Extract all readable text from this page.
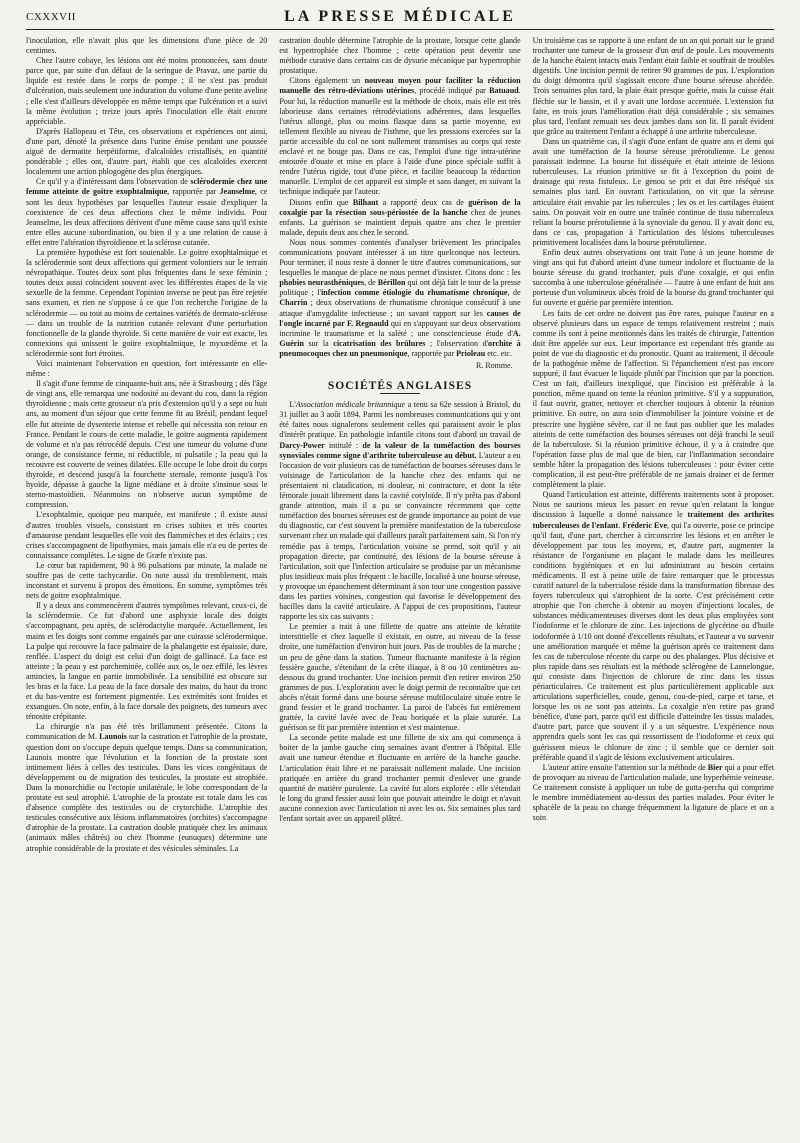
CXXXVII	LA PRESSE MÉDICALE

l'inoculation, elle n'avait plus que les dimensions d'une pièce de 20 centimes.

Chez l'autre cobaye, les lésions ont été moins prononcées, sans doute parce que, par suite d'un défaut de la seringue de Pravaz, une partie du liquide est restée dans le corps de pompe ; il ne s'est pas produit d'ulcération, mais seulement une induration du volume d'une petite aveline ; elle s'est d'ailleurs développée en même temps que l'ulcération et a suivi la même évolution ; treize jours après l'inoculation elle était encore appréciable.

D'après Hallopeau et Tête, ces observations et expériences ont ainsi, d'une part, dénoté la présence dans l'urine émise pendant une poussée aiguë de dermatite herpétiforme, d'alcaloïdes cristallisés, en quantité pondérable ; elles ont, d'autre part, établi que ces alcaloïdes exercent localement une action phlogogène des plus énergiques.

Ce qu'il y a d'intéressant dans l'observation de sclérodermie chez une femme atteinte de goitre exophtalmique, rapportée par Jeanselme, ce sont les deux hypothèses par lesquelles l'auteur essaie d'expliquer la coexistence de ces deux affections chez le même individu. Pour Jeanselme, les deux affections dérivent d'une même cause sans qu'il existe entre elles aucune subordination, ou bien il y a une relation de cause à effet entre l'altération thyroïdienne et la sclérose cutanée.

La première hypothèse est fort soutenable. Le goitre exophtalmique et la sclérodermie sont deux affections qui germent volontiers sur le terrain névropathique. Toutes deux sont plus fréquentes dans le sexe féminin ; toutes deux aussi coïncident souvent avec les différentes étapes de la vie sexuelle de la femme. Cependant l'opinion inverse ne peut pas être rejetée sans examen, et rien ne s'oppose à ce que l'on recherche l'origine de la sclérodermie — ou tout au moins de certaines variétés de dermato-sclérose — dans un trouble de la nutrition cutanée relevant d'une perturbation fonctionnelle de la glande thyroïde. Si cette manière de voir est exacte, les connexions qui unissent le goitre exophtalmique, le myxœdème et la sclérodermie sont fort étroites.

Voici maintenant l'observation en question, fort intéressante en elle-même :

Il s'agit d'une femme de cinquante-huit ans, née à Strasbourg ; dès l'âge de vingt ans, elle remarqua une nodosité au devant du cou, dans la région thyroïdienne ; mais cette grosseur n'a pris d'extension qu'il y a sept ou huit ans, au moment d'un séjour que cette femme fit au Brésil, pendant lequel elle fut atteinte de dysenterie intense et rebelle qui nécessita son retour en France. Pendant le cours de cette maladie, le goitre augmenta rapidement de volume et n'a pas rétrocédé depuis. C'est une tumeur du volume d'une orange, de consistance ferme, ni réductible, ni pulsatile ; la peau qui la recouvre est couverte de veines dilatées. Elle occupe le lobe droit du corps thyroïde, et descend jusqu'à la fourchette sternale, remonte jusqu'à l'os hyoïde, dépasse à gauche la ligne médiane et à droite s'insinue sous le sterno-mastoïdien. Néanmoins on n'observe aucun symptôme de compression.

L'exophtalmie, quoique peu marquée, est manifeste ; il existe aussi d'autres troubles visuels, consistant en crises subites et très courtes d'amaurose pendant lesquelles elle voit des flammèches et des éclairs ; ces crises s'accompagnent de lipothymies, mais jamais elle n'a eu de pertes de connaissance complètes. Le signe de Græfe n'existe pas.

Le cœur bat rapidement, 90 à 96 pulsations par minute, la malade ne souffre pas de cette tachycardie. On note aussi du tremblement, mais inconstant et survenu à propos des émotions. En somme, symptômes très nets de goitre exophtalmique.

Il y a deux ans commencèrent d'autres symptômes relevant, ceux-ci, de la sclérodermie. Ce fut d'abord une asphyxie locale des doigts s'accompagnant, peu après, de sclérodactylie marquée. Actuellement, les mains et les doigts sont comme engainés par une cuirasse sclérodermique. La pulpe qui recouvre la face palmaire de la phalangette est épaissie, dure, renflée. L'aspect du doigt est celui d'un doigt de gallinacé. La face est atteinte ; la peau y est parcheminée, collée aux os, le nez effilé, les lèvres amincies, la langue en partie immobilisée. La sensibilité est obscure sur les bras et la face. La peau de la face dorsale des mains, du haut du tronc et du bas-ventre est fortement pigmentée. Les extrémités sont froides et exsangues. On note, enfin, à la face dorsale des poignets, des tumeurs avec ténosite crépitante.

La chirurgie n'a pas été très brillamment présentée. Citons la communication de M. Launois sur la castration et l'atrophie de la prostate, question dont on s'occupe depuis quelque temps. Dans sa communication, Launois montre que l'évolution et la fonction de la prostate sont intimement liées à celles des testicules. Dans les vices congénitaux de développement ou de migration des testicules, la prostate est atrophiée. Dans la monorchidie ou l'ectopie unilatérale, le lobe correspondant de la prostate est seul atrophié. L'atrophie de la prostate est totale dans les cas d'absence complète des testicules ou de crytorchidie. L'atrophie des testicules consécutive aux lésions inflammatoires (orchites) s'accompagne d'atrophie de la prostate. La castration double pratiquée chez les animaux (animaux mâles châtrés) ou chez l'homme (eunuques) détermine une atrophie considérable de la prostate et des vésicules séminales. La

castration double détermine l'atrophie de la prostate, lorsque cette glande est hypertrophiée chez l'homme ; cette opération peut devenir une méthode curative dans certains cas de dysurie mécanique par hypertrophie prostatique.

Citons également un nouveau moyen pour faciliter la réduction manuelle des rétro-déviations utérines, procédé indiqué par Batuaud. Pour lui, la réduction manuelle est la méthode de choix, mais elle est très laborieuse dans certaines rétrodéviations adhérentes, dans lesquelles l'utérus allongé, plus ou moins flasque dans sa partie moyenne, est tellement flexible au niveau de l'isthme, que les pressions exercées sur la partie accessible du col ne sont nullement transmises au corps qui reste enclavé et ne bouge pas. Dans ce cas, l'emploi d'une tige intra-utérine entourée d'ouate et mise en place à l'aide d'une pince spéciale suffit à rendre l'utérus rigide, tout d'une pièce, et facilite beaucoup la réduction manuelle. L'emploi de cet appareil est simple et sans danger, en suivant la technique indiquée par l'auteur.

Disons enfin que Bilhaut a rapporté deux cas de guérison de la coxalgie par la résection sous-périostée de la hanche chez de jeunes enfants. La guérison se maintient depuis quatre ans chez le premier malade, depuis deux ans chez le second.

Nous nous sommes contentés d'analyser brièvement les principales communications pouvant intéresser à un titre quelconque nos lecteurs. Pour terminer, il nous reste à donner le titre d'autres communications, sur lesquelles le manque de place ne nous permet d'insister. Citons donc : les phobies neurasthéniques, de Bérillon qui ont déjà fait le tour de la presse politique ; l'infection comme étiologie du rhumatisme chronique, de Charrin ; deux observations de rhumatisme chronique consécutif à une attaque d'amygdalite infectieuse ; un savant rapport sur les causes de l'ongle incarné par F. Regnauld qui en s'appuyant sur deux observations incrimine le traumatisme et la salété ; une consciencieuse étude d'A. Guérin sur la cicatrisation des brûlures ; l'observation d'orchite à pneumocoques chez un pneumonique, rapportée par Prioleau etc. etc.

R. Romme.
SOCIÉTÉS ANGLAISES

L'Association médicale britannique a tenu sa 62e session à Bristol, du 31 juillet au 3 août 1894. Parmi les nombreuses communications qui y ont été faites nous signalerons seulement celles qui paraissent avoir le plus d'intérêt pratique. En pathologie infantile citons tout d'abord un travail de Darcy-Power intitulé : de la valeur de la tuméfaction des bourses synoviales comme signe d'arthrite tuberculeuse au début. L'auteur a eu l'occasion de voir plusieurs cas de tuméfaction de bourses séreuses dans le voisinage de l'articulation de la hanche chez des enfants qui ne présentaient ni claudication, ni douleur, ni contracture, et dont la tête fémorale jouait librement dans la cavité cotyloïde. Il n'y prêta pas d'abord grande attention, mais il a pu se convaincre récemment que cette tuméfaction des bourses séreuses est de grande importance au point de vue du diagnostic, car c'est souvent la première manifestation de la tuberculose survenant chez un malade qui d'ailleurs paraît parfaitement sain. Si l'on n'y remédie pas à temps, l'articulation voisine se prend, soit qu'il y ait propagation directe, par continuité, des lésions de la bourse séreuse à l'articulation, soit que l'infection articulaire se produise par un mécanisme plus insidieux mais plus fréquent : le bacille, localisé à une bourse séreuse, y provoque un épanchement déterminant à son tour une congestion passive dans les parties voisines, congestion qui favorise le développement des bacilles dans la cavité articulaire. A l'appui de ces propositions, l'auteur rapporte les six cas suivants :

Le premier a trait à une fillette de quatre ans atteinte de kératite interstitielle et chez laquelle il existait, en outre, au niveau de la fesse droite, une tuméfaction d'environ huit jours. Pas de troubles de la marche ; un peu de gêne dans la station. Tumeur fluctuante manifeste à la région fessière gauche, s'étendant de la crête iliaque, à 8 ou 10 centimètres au-dessous du grand trochanter. Une incision permit d'en retirer environ 250 grammes de pus. L'exploration avec le doigt permit de reconnaître que cet abcès n'était formé dans une bourse séreuse multiloculaire située entre le grand fessier et le grand trochanter. La paroi de l'abcès fut entièrement grattée, la cavité lavée avec de l'eau boriquée et la plaie suturée. La guérison se fit par première intention et s'est maintenue.

La seconde petite malade est une fillette de six ans qui commença à boiter de la jambe gauche cinq semaines avant d'entrer à l'hôpital. Elle avait une tumeur étendue et fluctuante en arrière de la hanche gauche. L'articulation était libre et ne paraissait nullement malade. Une incision pratiquée en arrière du grand trochanter permit d'enlever une grande quantité de matière purulente. La cavité fut alors explorée : elle s'étendait le long du grand fessier aussi loin que pouvait atteindre le doigt et n'avait aucune connexion avec l'articulation ni avec les os. Six semaines plus tard l'enfant sortait avec un appareil plâtré.

Un troisième cas se rapporte à une enfant de un an qui portait sur le grand trochanter une tumeur de la grosseur d'un œuf de poule. Les mouvements de la hanche étaient intacts mais l'enfant était faible et souffrait de troubles digestifs. Une incision permit de retirer 90 grammes de pus. L'exploration du doigt démontra qu'il s'agissait encore d'une bourse séreuse abcédée. Trois semaines plus tard, la plaie était presque guérie, mais la cuisse était fléchie sur le bassin, et il y avait une lordose accentuée. L'extension fut faite, en trois jours l'amélioration était déjà considérable ; six semaines plus tard, l'enfant remuait ses deux jambes dans son lit. Il paraît évident que grâce au traitement l'enfant a échappé à une arthrite tuberculeuse.

Dans un quatrième cas, il s'agit d'une enfant de quatre ans et demi qui avait une tuméfaction de la bourse séreuse prérotulienne. Le genou paraissait indemne. La bourse fut disséquée et était atteinte de lésions tuberculeuses. La réunion primitive se fit à l'exception du point de drainage qui resta fistuleux. Le genou se prit et dut être réséqué six semaines plus tard. En ouvrant l'articulation, on vit que la séreuse articulaire était envahie par les tubercules ; les os et les cartilages étaient sains. On pouvait voir en outre une traînée continue de tissu tuberculeux reliant la bourse prérotulienne à la synoviale du genou. Il y avait donc eu, dans ce cas, propagation à l'articulation des lésions tuberculeuses primitivement localisées dans la bourse prérotulienne.

Enfin deux autres observations ont trait l'une à un jeune homme de vingt ans qui fut d'abord atteint d'une tumeur indolore et fluctuante de la bourse séreuse du grand trochanter, puis d'une coxalgie, et qui enfin succomba à une tuberculose généralisée — l'autre à une enfant de huit ans porteuse d'un volumineux abcès froid de la bourse du grand trochanter qui fut ouverte et guérie par première intention.

Les faits de cet ordre ne doivent pas être rares, puisque l'auteur en a observé plusieurs dans un espace de temps relativement restreint ; mais comme ils sont à peine mentionnés dans les traités de chirurgie, l'attention doit être appelée sur eux. Leur importance est cependant très grande au point de vue du diagnostic et du pronostic. Quant au traitement, il découle de la pathogénie même de l'affection. Si l'épanchement n'est pas encore suppuré, il faut évacuer le liquide plutôt par l'incision que par la ponction. C'est un fait, d'ailleurs inexpliqué, que l'incision est préférable à la ponction, même quand on tente la réunion primitive. S'il y a suppuration, il faut ouvrir, gratter, nettoyer et chercher toujours à obtenir la réunion primitive. En outre, on aura soin d'immobiliser la jointure voisine et de prescrire une hygiène sévère, car il ne faut pas oublier que les malades atteints de cette tuméfaction des bourses séreuses ont déjà franchi le seuil de la tuberculose. Si la réunion primitive échoue, il y a à craindre que l'opération fasse plus de mal que de bien, car l'inflammation secondaire semble hâter la propagation des lésions tuberculeuses : pour éviter cette complication, il est peut-être préférable de ne jamais drainer et de fermer complètement la plaie.

Quand l'articulation est atteinte, différents traitements sont à proposer. Nous ne saurions mieux les passer en revue qu'en relatant la longue discussion à laquelle a donné naissance le traitement des arthrites tuberculeuses de l'enfant. Fréderic Eve, qui l'a ouverte, pose ce principe qu'il faut, d'une part, chercher à circonscrire les lésions et en arrêter le développement par tous les moyens, et, d'autre part, augmenter la résistance de l'organisme en plaçant le malade dans les meilleures conditions hygiéniques et en lui administrant au besoin certains médicaments. Il est à peine utile de faire remarquer que le processus curatif naturel de la tuberculose réside dans la transformation fibreuse des foyers tuberculeux qui s'atrophient de la sorte. C'est précisément cette atrophie que l'on cherche à obtenir au moyen d'injections locales, de substances médicamenteuses diverses dont les deux plus employées sont l'iodoforme et le chlorure de zinc. Les injections de glycérine ou d'huile iodoformée à 1/10 ont donné d'excellents résultats, et l'auteur a vu survenir une amélioration marquée et même la guérison après ce traitement dans les cas de tuberculose récente du carpe ou des phalanges. Plus décisive et plus rapide dans ses résultats est la méthode sclérogène de Lannelongue, qui consiste dans l'injection de chlorure de zinc dans les tissus périarticulaires. Ce traitement est plus particulièrement applicable aux articulations superficielles, coude, genou, cou-de-pied, carpe et tarse, et lorsque les os ne sont pas atteints. La coxalgie n'en retire pas grand bénéfice, d'une part, parce qu'il est difficile d'atteindre les tissus malades, d'autre part, parce que souvent il y a un séquestre. L'expérience nous apprendra quels sont les cas qui ressortissent de l'iodoforme et ceux qui guérissent mieux le chlorure de zinc ; il semble que ce dernier soit préférable quand il s'agit de lésions exclusivement articulaires.

L'auteur attire ensuite l'attention sur la méthode de Bier qui a pour effet de provoquer au niveau de l'articulation malade, une hyperhémie veineuse. Ce traitement consiste à appliquer un tube de gutta-percha qui comprime le membre immédiatement au-dessus des parties malades. Pour éviter le sphacèle de la peau on change fréquemment la ligature de place et on a soin
